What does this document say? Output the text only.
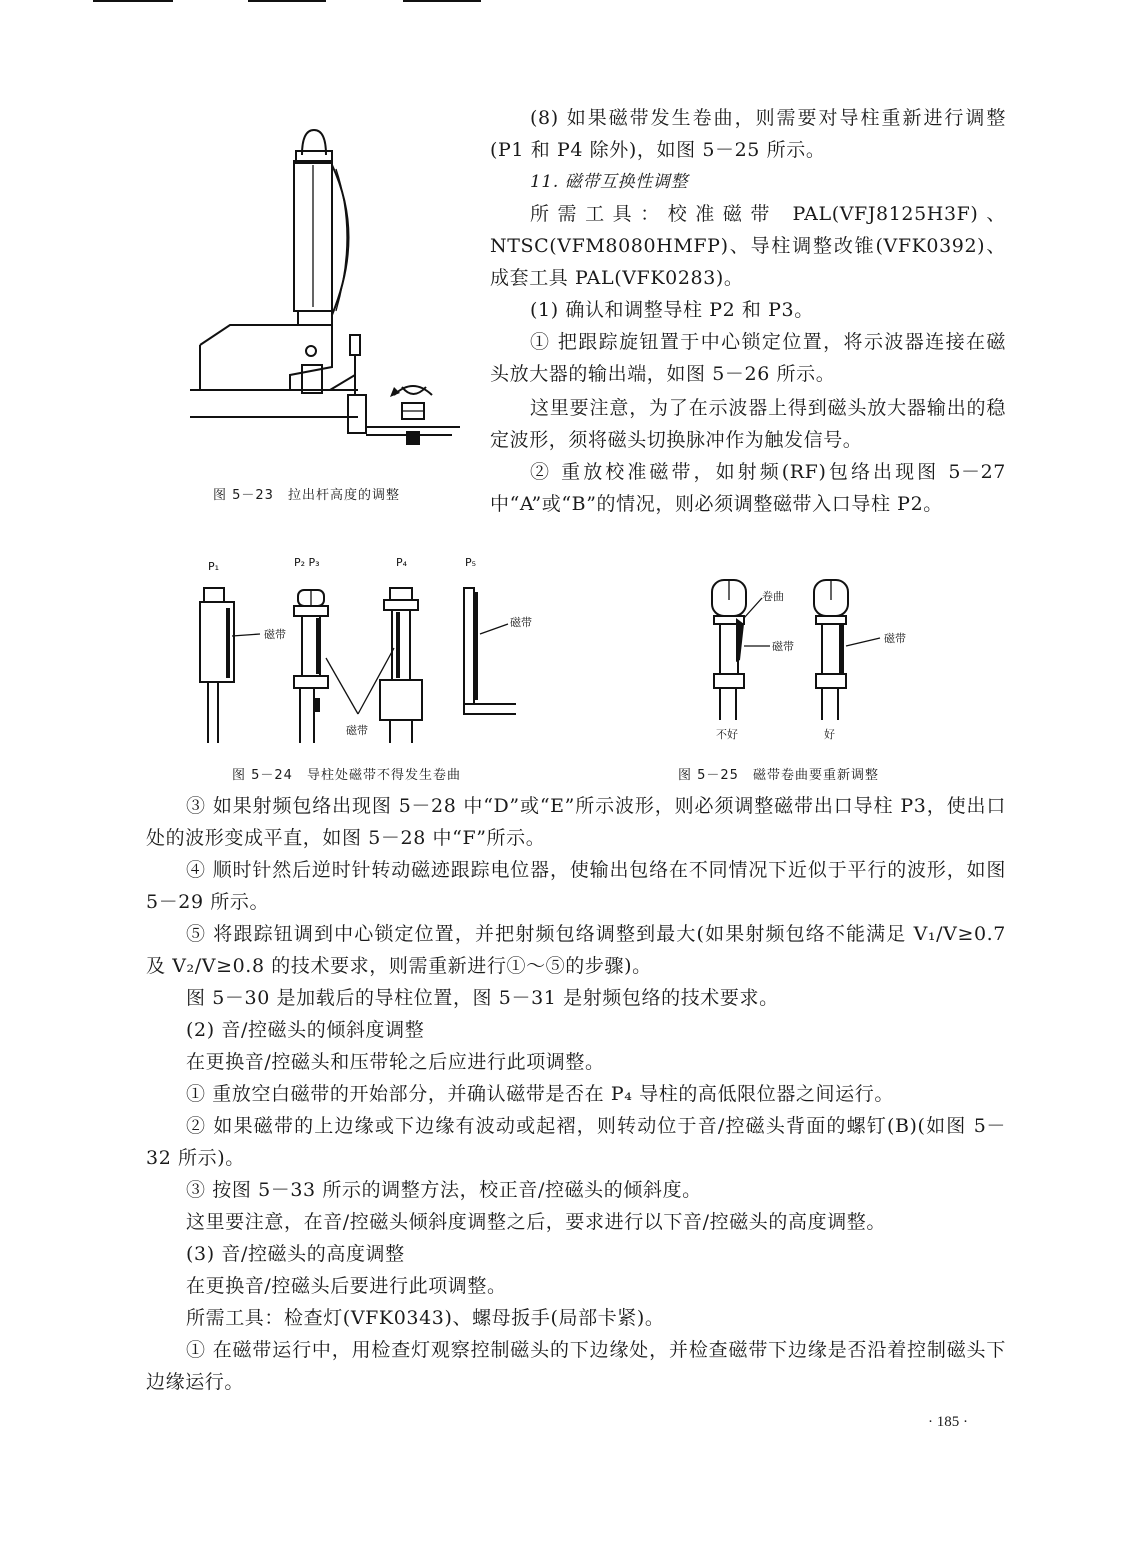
图 5－23　拉出杆高度的调整

(8) 如果磁带发生卷曲，则需要对导柱重新进行调整(P1 和 P4 除外)，如图 5－25 所示。

11. 磁带互换性调整

所需工具：校准磁带 PAL(VFJ8125H3F)、NTSC(VFM8080HMFP)、导柱调整改锥(VFK0392)、成套工具 PAL(VFK0283)。

(1) 确认和调整导柱 P2 和 P3。

① 把跟踪旋钮置于中心锁定位置，将示波器连接在磁头放大器的输出端，如图 5－26 所示。

这里要注意，为了在示波器上得到磁头放大器输出的稳定波形，须将磁头切换脉冲作为触发信号。

② 重放校准磁带，如射频(RF)包络出现图 5－27 中“A”或“B”的情况，则必须调整磁带入口导柱 P2。

P₁	P₂ P₃	P₄	P₅
磁带
磁带
磁带
图 5－24　导柱处磁带不得发生卷曲
卷曲
磁带
不好
磁带
好
图 5－25　磁带卷曲要重新调整

③ 如果射频包络出现图 5－28 中“D”或“E”所示波形，则必须调整磁带出口导柱 P3，使出口处的波形变成平直，如图 5－28 中“F”所示。

④ 顺时针然后逆时针转动磁迹跟踪电位器，使输出包络在不同情况下近似于平行的波形，如图 5－29 所示。

⑤ 将跟踪钮调到中心锁定位置，并把射频包络调整到最大(如果射频包络不能满足 V₁/V≥0.7 及 V₂/V≥0.8 的技术要求，则需重新进行①～⑤的步骤)。

图 5－30 是加载后的导柱位置，图 5－31 是射频包络的技术要求。

(2) 音/控磁头的倾斜度调整

在更换音/控磁头和压带轮之后应进行此项调整。

① 重放空白磁带的开始部分，并确认磁带是否在 P₄ 导柱的高低限位器之间运行。

② 如果磁带的上边缘或下边缘有波动或起褶，则转动位于音/控磁头背面的螺钉(B)(如图 5－32 所示)。

③ 按图 5－33 所示的调整方法，校正音/控磁头的倾斜度。

这里要注意，在音/控磁头倾斜度调整之后，要求进行以下音/控磁头的高度调整。

(3) 音/控磁头的高度调整

在更换音/控磁头后要进行此项调整。

所需工具：检查灯(VFK0343)、螺母扳手(局部卡紧)。

① 在磁带运行中，用检查灯观察控制磁头的下边缘处，并检查磁带下边缘是否沿着控制磁头下边缘运行。

· 185 ·
